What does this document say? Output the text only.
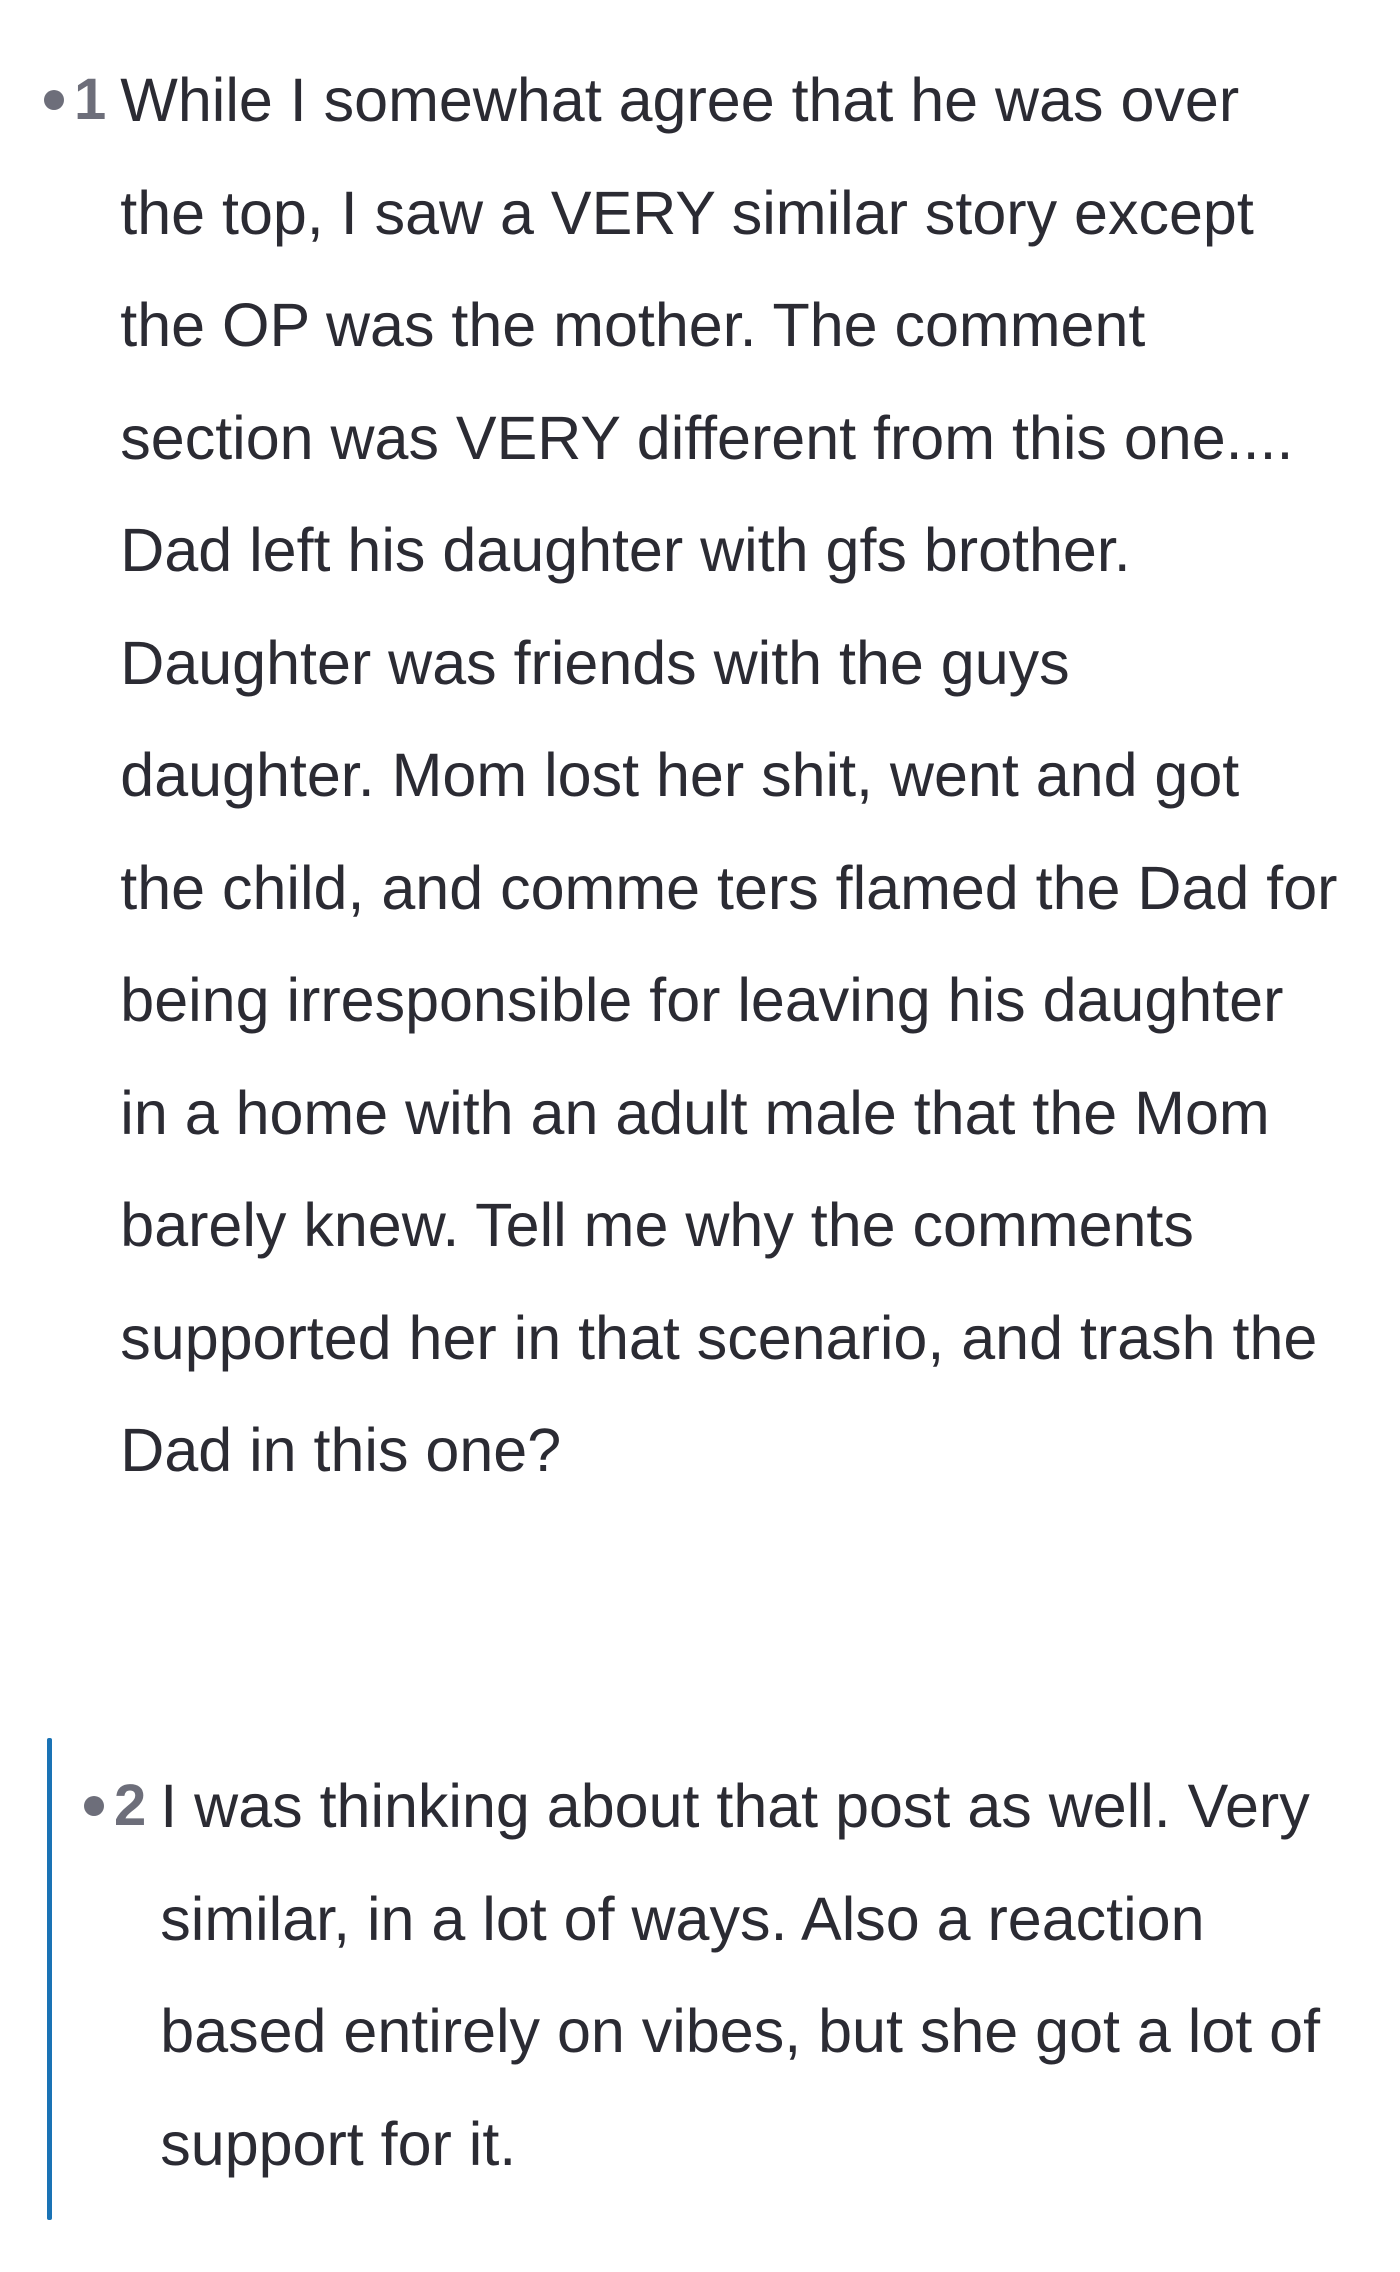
1 While I somewhat agree that he was over the top, I saw a VERY similar story except the OP was the mother. The comment section was VERY different from this one.... Dad left his daughter with gfs brother. Daughter was friends with the guys daughter. Mom lost her shit, went and got the child, and comme ters flamed the Dad for being irresponsible for leaving his daughter in a home with an adult male that the Mom barely knew. Tell me why the comments supported her in that scenario, and trash the Dad in this one?

2 I was thinking about that post as well. Very similar, in a lot of ways. Also a reaction based entirely on vibes, but she got a lot of support for it.
